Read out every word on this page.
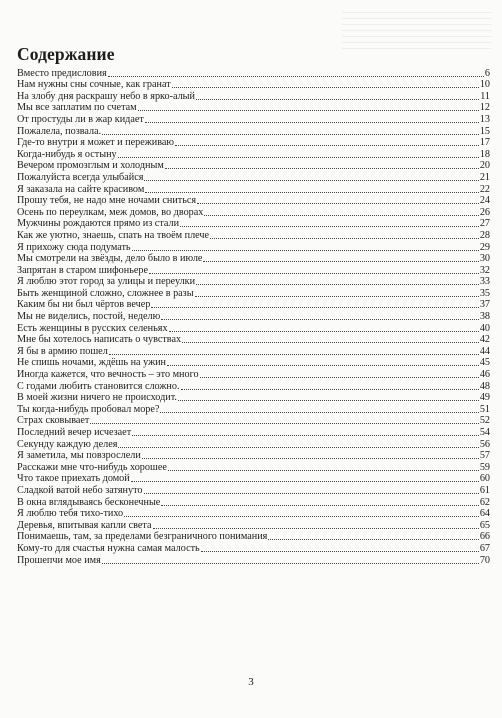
Содержание
Вместо предисловия	6
Нам нужны сны сочные, как гранат	10
На злобу дня раскрашу небо в ярко-алый	11
Мы все заплатим по счетам	12
От простуды ли в жар кидает	13
Пожалела, позвала.	15
Где-то внутри я может и переживаю	17
Когда-нибудь я остыну	18
Вечером промозглым и холодным	20
Пожалуйста всегда улыбайся	21
Я заказала на сайте красивом	22
Прошу тебя, не надо мне ночами сниться	24
Осень по переулкам, меж домов, во дворах	26
Мужчины рождаются прямо из стали	27
Как же уютно, знаешь, спать на твоём плече	28
Я прихожу сюда подумать	29
Мы смотрели на звёзды, дело было в июле	30
Запрятан в старом шифоньере	32
Я люблю этот город за улицы и переулки	33
Быть женщиной сложно, сложнее в разы	35
Каким бы ни был чёртов вечер	37
Мы не виделись, постой, неделю	38
Есть женщины в русских селеньях	40
Мне бы хотелось написать о чувствах	42
Я бы в армию пошел	44
Не спишь ночами, ждёшь на ужин	45
Иногда кажется, что вечность – это много	46
С годами любить становится сложно.	48
В моей жизни ничего не происходит.	49
Ты когда-нибудь пробовал море?	51
Страх сковывает	52
Последний вечер исчезает	54
Секунду каждую делея	56
Я заметила, мы повзрослели	57
Расскажи мне что-нибудь хорошее	59
Что такое приехать домой	60
Сладкой ватой небо затянуто	61
В окна вглядываясь бесконечные	62
Я люблю тебя тихо-тихо	64
Деревья, впитывая капли света	65
Понимаешь, там, за пределами безграничного понимания	66
Кому-то для счастья нужна самая малость	67
Прошепчи мое имя	70
3
